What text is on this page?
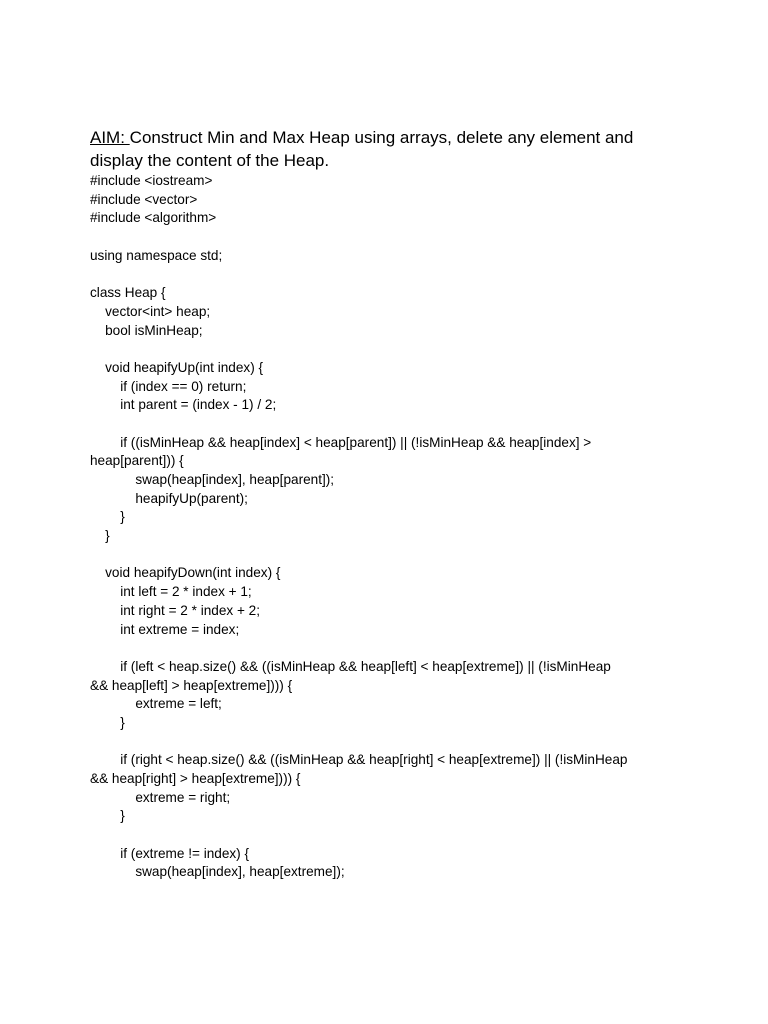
AIM: Construct Min and Max Heap using arrays, delete any element and display the content of the Heap.

#include <iostream>
#include <vector>
#include <algorithm>
using namespace std;
class Heap {
vector<int> heap;
bool isMinHeap;
void heapifyUp(int index) {
if (index == 0) return;
int parent = (index - 1) / 2;
if ((isMinHeap && heap[index] < heap[parent]) || (!isMinHeap && heap[index] >
heap[parent])) {
swap(heap[index], heap[parent]);
heapifyUp(parent);
}
}
void heapifyDown(int index) {
int left = 2 * index + 1;
int right = 2 * index + 2;
int extreme = index;
if (left < heap.size() && ((isMinHeap && heap[left] < heap[extreme]) || (!isMinHeap
&& heap[left] > heap[extreme]))) {
extreme = left;
}
if (right < heap.size() && ((isMinHeap && heap[right] < heap[extreme]) || (!isMinHeap
&& heap[right] > heap[extreme]))) {
extreme = right;
}
if (extreme != index) {
swap(heap[index], heap[extreme]);
